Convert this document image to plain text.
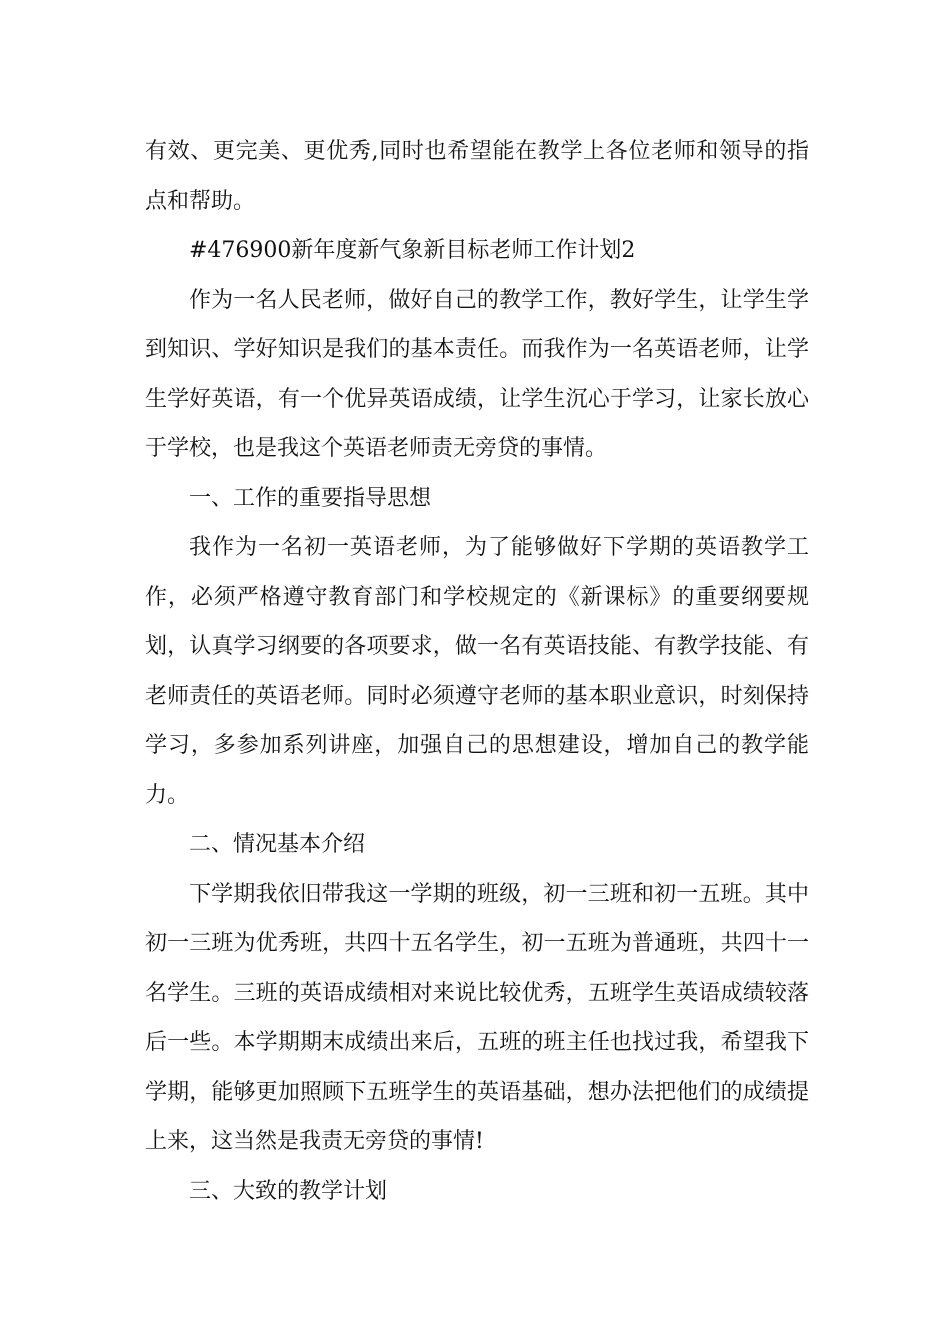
有效、更完美、更优秀,同时也希望能在教学上各位老师和领导的指点和帮助。

#476900新年度新气象新目标老师工作计划2

作为一名人民老师，做好自己的教学工作，教好学生，让学生学到知识、学好知识是我们的基本责任。而我作为一名英语老师，让学生学好英语，有一个优异英语成绩，让学生沉心于学习，让家长放心于学校，也是我这个英语老师责无旁贷的事情。

一、工作的重要指导思想

我作为一名初一英语老师，为了能够做好下学期的英语教学工作，必须严格遵守教育部门和学校规定的《新课标》的重要纲要规划，认真学习纲要的各项要求，做一名有英语技能、有教学技能、有老师责任的英语老师。同时必须遵守老师的基本职业意识，时刻保持学习，多参加系列讲座，加强自己的思想建设，增加自己的教学能力。

二、情况基本介绍

下学期我依旧带我这一学期的班级，初一三班和初一五班。其中初一三班为优秀班，共四十五名学生，初一五班为普通班，共四十一名学生。三班的英语成绩相对来说比较优秀，五班学生英语成绩较落后一些。本学期期末成绩出来后，五班的班主任也找过我，希望我下学期，能够更加照顾下五班学生的英语基础，想办法把他们的成绩提上来，这当然是我责无旁贷的事情!

三、大致的教学计划
